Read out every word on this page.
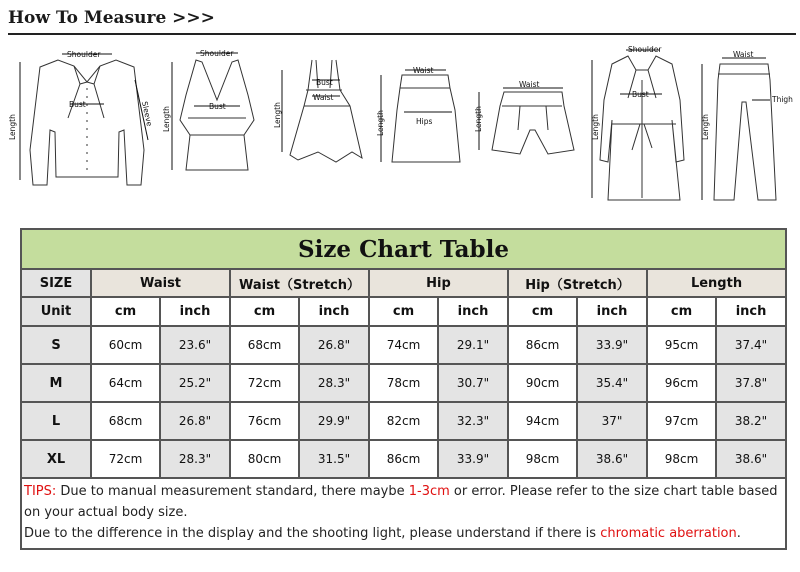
How To Measure >>>
Shoulder
Bust
Length
Sleeve
Shoulder
Bust
Length
Bust
Waist
Length
Waist
Hips
Length
Waist
Length
Shoulder
Bust
Length
Waist
Thigh
Length
Size Chart Table										
SIZE	Waist		Waist（Stretch）		Hip		Hip（Stretch）		Length	
Unit	cm	inch	cm	inch	cm	inch	cm	inch	cm	inch
S	60cm	23.6"	68cm	26.8"	74cm	29.1"	86cm	33.9"	95cm	37.4"
M	64cm	25.2"	72cm	28.3"	78cm	30.7"	90cm	35.4"	96cm	37.8"
L	68cm	26.8"	76cm	29.9"	82cm	32.3"	94cm	37"	97cm	38.2"
XL	72cm	28.3"	80cm	31.5"	86cm	33.9"	98cm	38.6"	98cm	38.6"
TIPS: Due to manual measurement standard, there maybe 1-3cm or error. Please refer to the size chart table based on your actual body size.
Due to the difference in the display and the shooting light, please understand if there is chromatic aberration.										
